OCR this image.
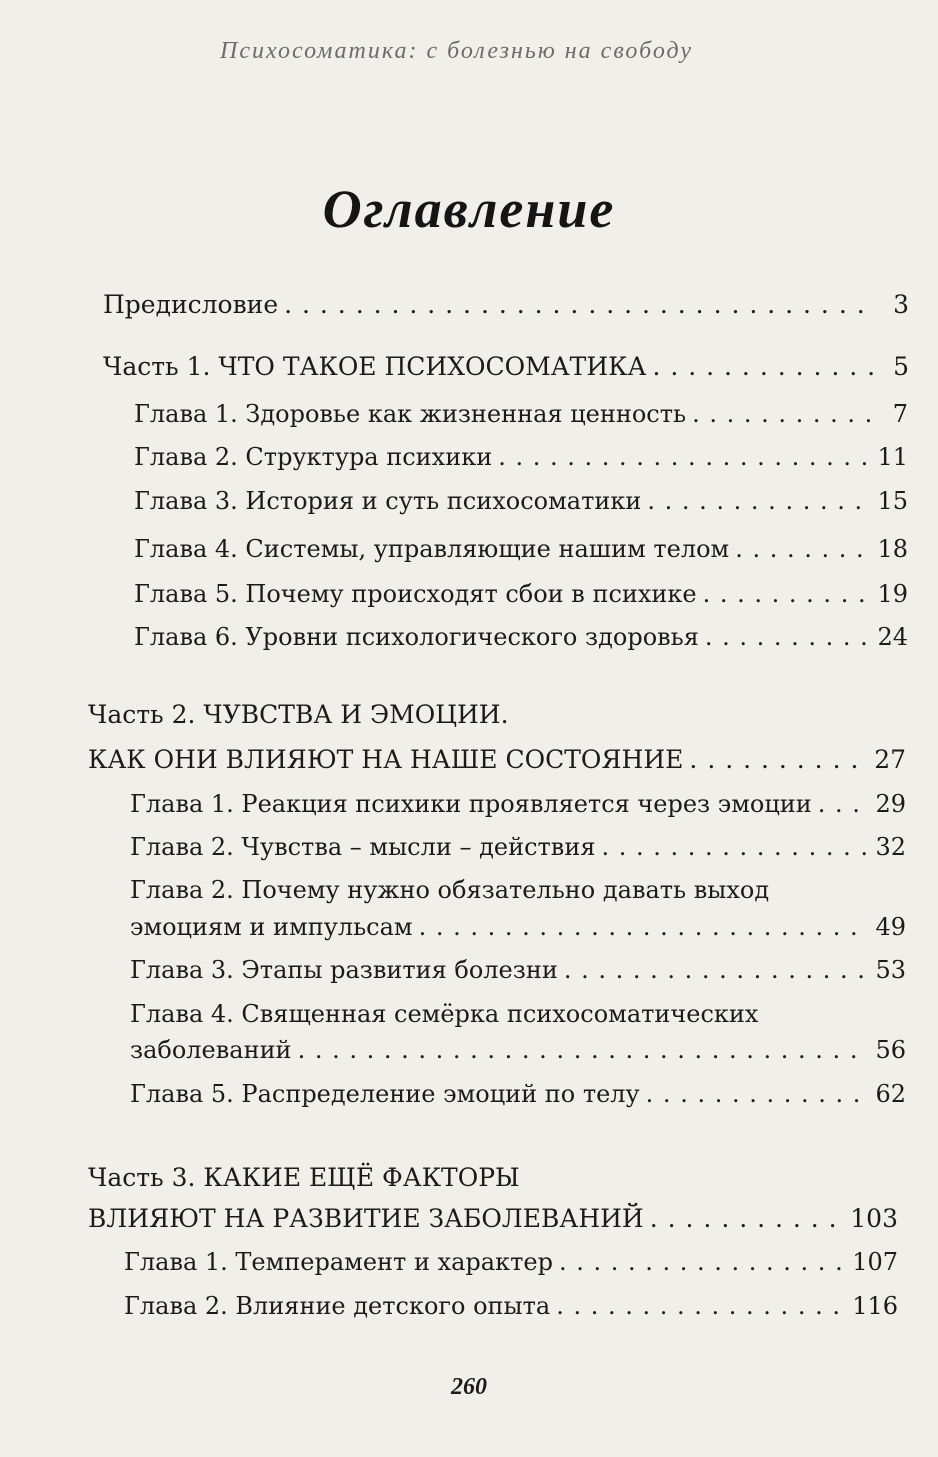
Психосоматика: с болезнью на свободу
Оглавление
Предисловие . . .	3
Часть 1. ЧТО ТАКОЕ ПСИХОСОМАТИКА . . .	5
Глава 1. Здоровье как жизненная ценность . . .	7
Глава 2. Структура психики . . .	11
Глава 3. История и суть психосоматики . . .	15
Глава 4. Системы, управляющие нашим телом . . .	18
Глава 5. Почему происходят сбои в психике . . .	19
Глава 6. Уровни психологического здоровья . . .	24
Часть 2. ЧУВСТВА И ЭМОЦИИ.
КАК ОНИ ВЛИЯЮТ НА НАШЕ СОСТОЯНИЕ . . .	27
Глава 1. Реакция психики проявляется через эмоции . . .	29
Глава 2. Чувства – мысли – действия . . .	32
Глава 2. Почему нужно обязательно давать выход
эмоциям и импульсам . . .	49
Глава 3. Этапы развития болезни . . .	53
Глава 4. Священная семёрка психосоматических
заболеваний . . .	56
Глава 5. Распределение эмоций по телу . . .	62
Часть 3. КАКИЕ ЕЩЁ ФАКТОРЫ
ВЛИЯЮТ НА РАЗВИТИЕ ЗАБОЛЕВАНИЙ . . .	103
Глава 1. Темперамент и характер . . .	107
Глава 2. Влияние детского опыта . . .	116
260
